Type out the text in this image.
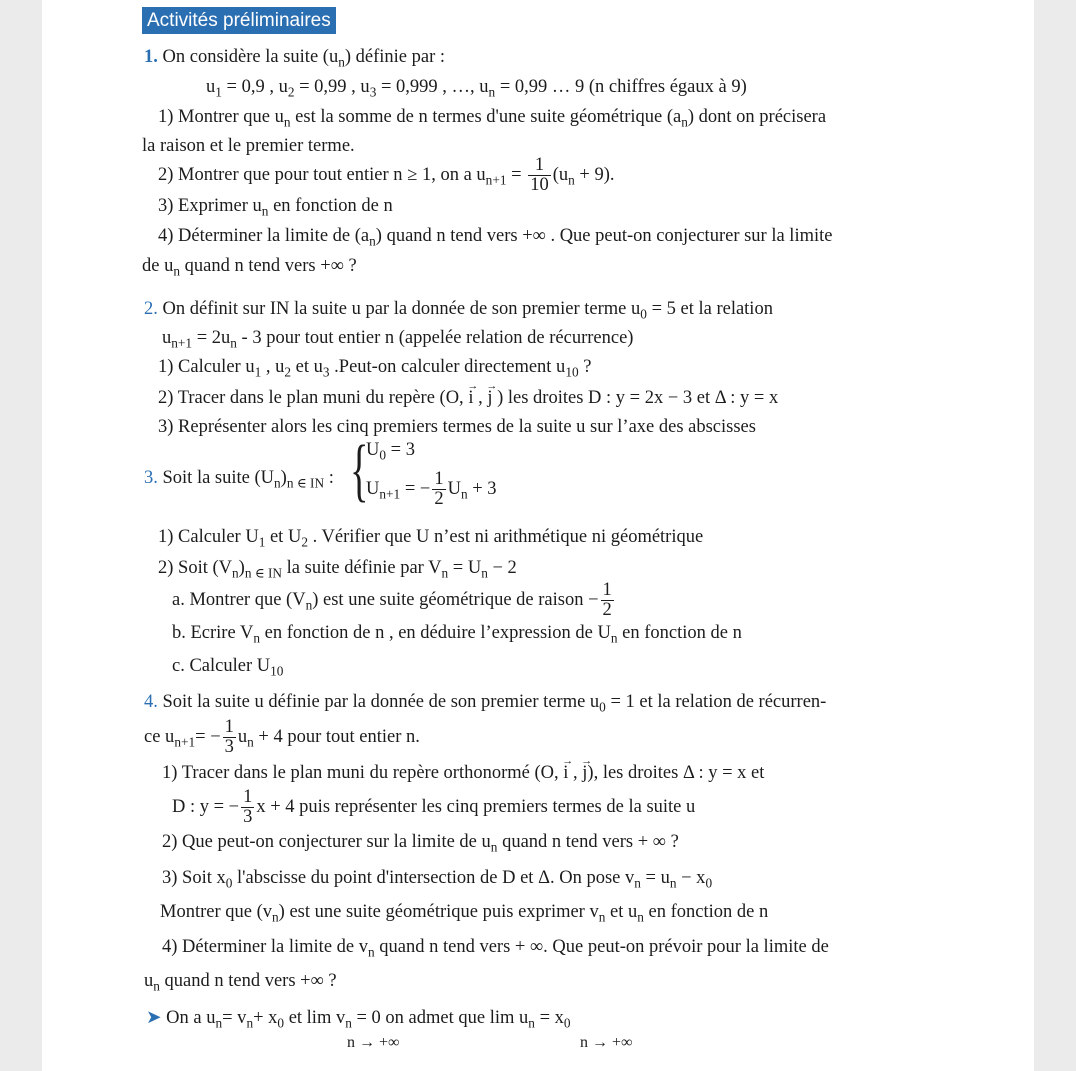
Activités préliminaires
1. On considère la suite $(u_n)$ définie par :
$u_1 = 0,9$ , $u_2 = 0,99$ , $u_3 = 0,999$ , …, $u_n = 0,99$ … 9 (n chiffres égaux à 9)
1) Montrer que $u_n$ est la somme de n termes d'une suite géométrique $(a_n)$ dont on précisera
la raison et le premier terme.
2) Montrer que pour tout entier n ≥ 1, on a $u_{n+1} = \frac{1}{10} (u_n + 9)$.
3) Exprimer $u_n$ en fonction de n
4) Déterminer la limite de $(a_n)$ quand n tend vers +∞ . Que peut-on conjecturer sur la limite
de $u_n$ quand n tend vers +∞ ?
2. On définit sur IN la suite u par la donnée de son premier terme $u_0 = 5$ et la relation
$u_{n+1} = 2u_n - 3$ pour tout entier n (appelée relation de récurrence)
1) Calculer $u_1$ , $u_2$ et $u_3$ .Peut-on calculer directement $u_{10}$ ?
2) Tracer dans le plan muni du repère (O, → i , → j ) les droites D : y = 2x − 3 et Δ : y = x
3) Représenter alors les cinq premiers termes de la suite u sur l’axe des abscisses
3. Soit la suite $(U_n)_{n \in IN}$ : {
$U_0 = 3$
$U_{n+1}$ = − $\frac{1}{2} U_n + 3$
1) Calculer $U_1$ et $U_2$ . Vérifier que U n’est ni arithmétique ni géométrique
2) Soit $(V_n)_{n \in IN}$ la suite définie par $V_n = U_n - 2$
a. Montrer que $(V_n)$ est une suite géométrique de raison − $\frac{1}{2}$
b. Ecrire $V_n$ en fonction de n , en déduire l’expression de $U_n$ en fonction de n
c. Calculer $U_{10}$
4. Soit la suite u définie par la donnée de son premier terme $u_0 = 1$ et la relation de récurren-
ce $u_{n+1}= - \frac{1}{3} u_n + 4$ pour tout entier n.
1) Tracer dans le plan muni du repère orthonormé (O, → i , → j), les droites Δ : y = x et
D : y = − $\frac{1}{3}$ x + 4 puis représenter les cinq premiers termes de la suite u
2) Que peut-on conjecturer sur la limite de $u_n$ quand n tend vers + ∞ ?
3) Soit $x_0$ l'abscisse du point d'intersection de D et Δ. On pose $v_n = u_n - x_0$
Montrer que $(v_n)$ est une suite géométrique puis exprimer $v_n$ et $u_n$ en fonction de n
4) Déterminer la limite de $v_n$ quand n tend vers + ∞. Que peut-on prévoir pour la limite de
$u_n$ quand n tend vers +∞ ?
➤ On a $u_n= v_n+ x_0$ et $\lim v_n = 0$ on admet que $\lim u_n = x_0$
n → +∞	n → +∞
